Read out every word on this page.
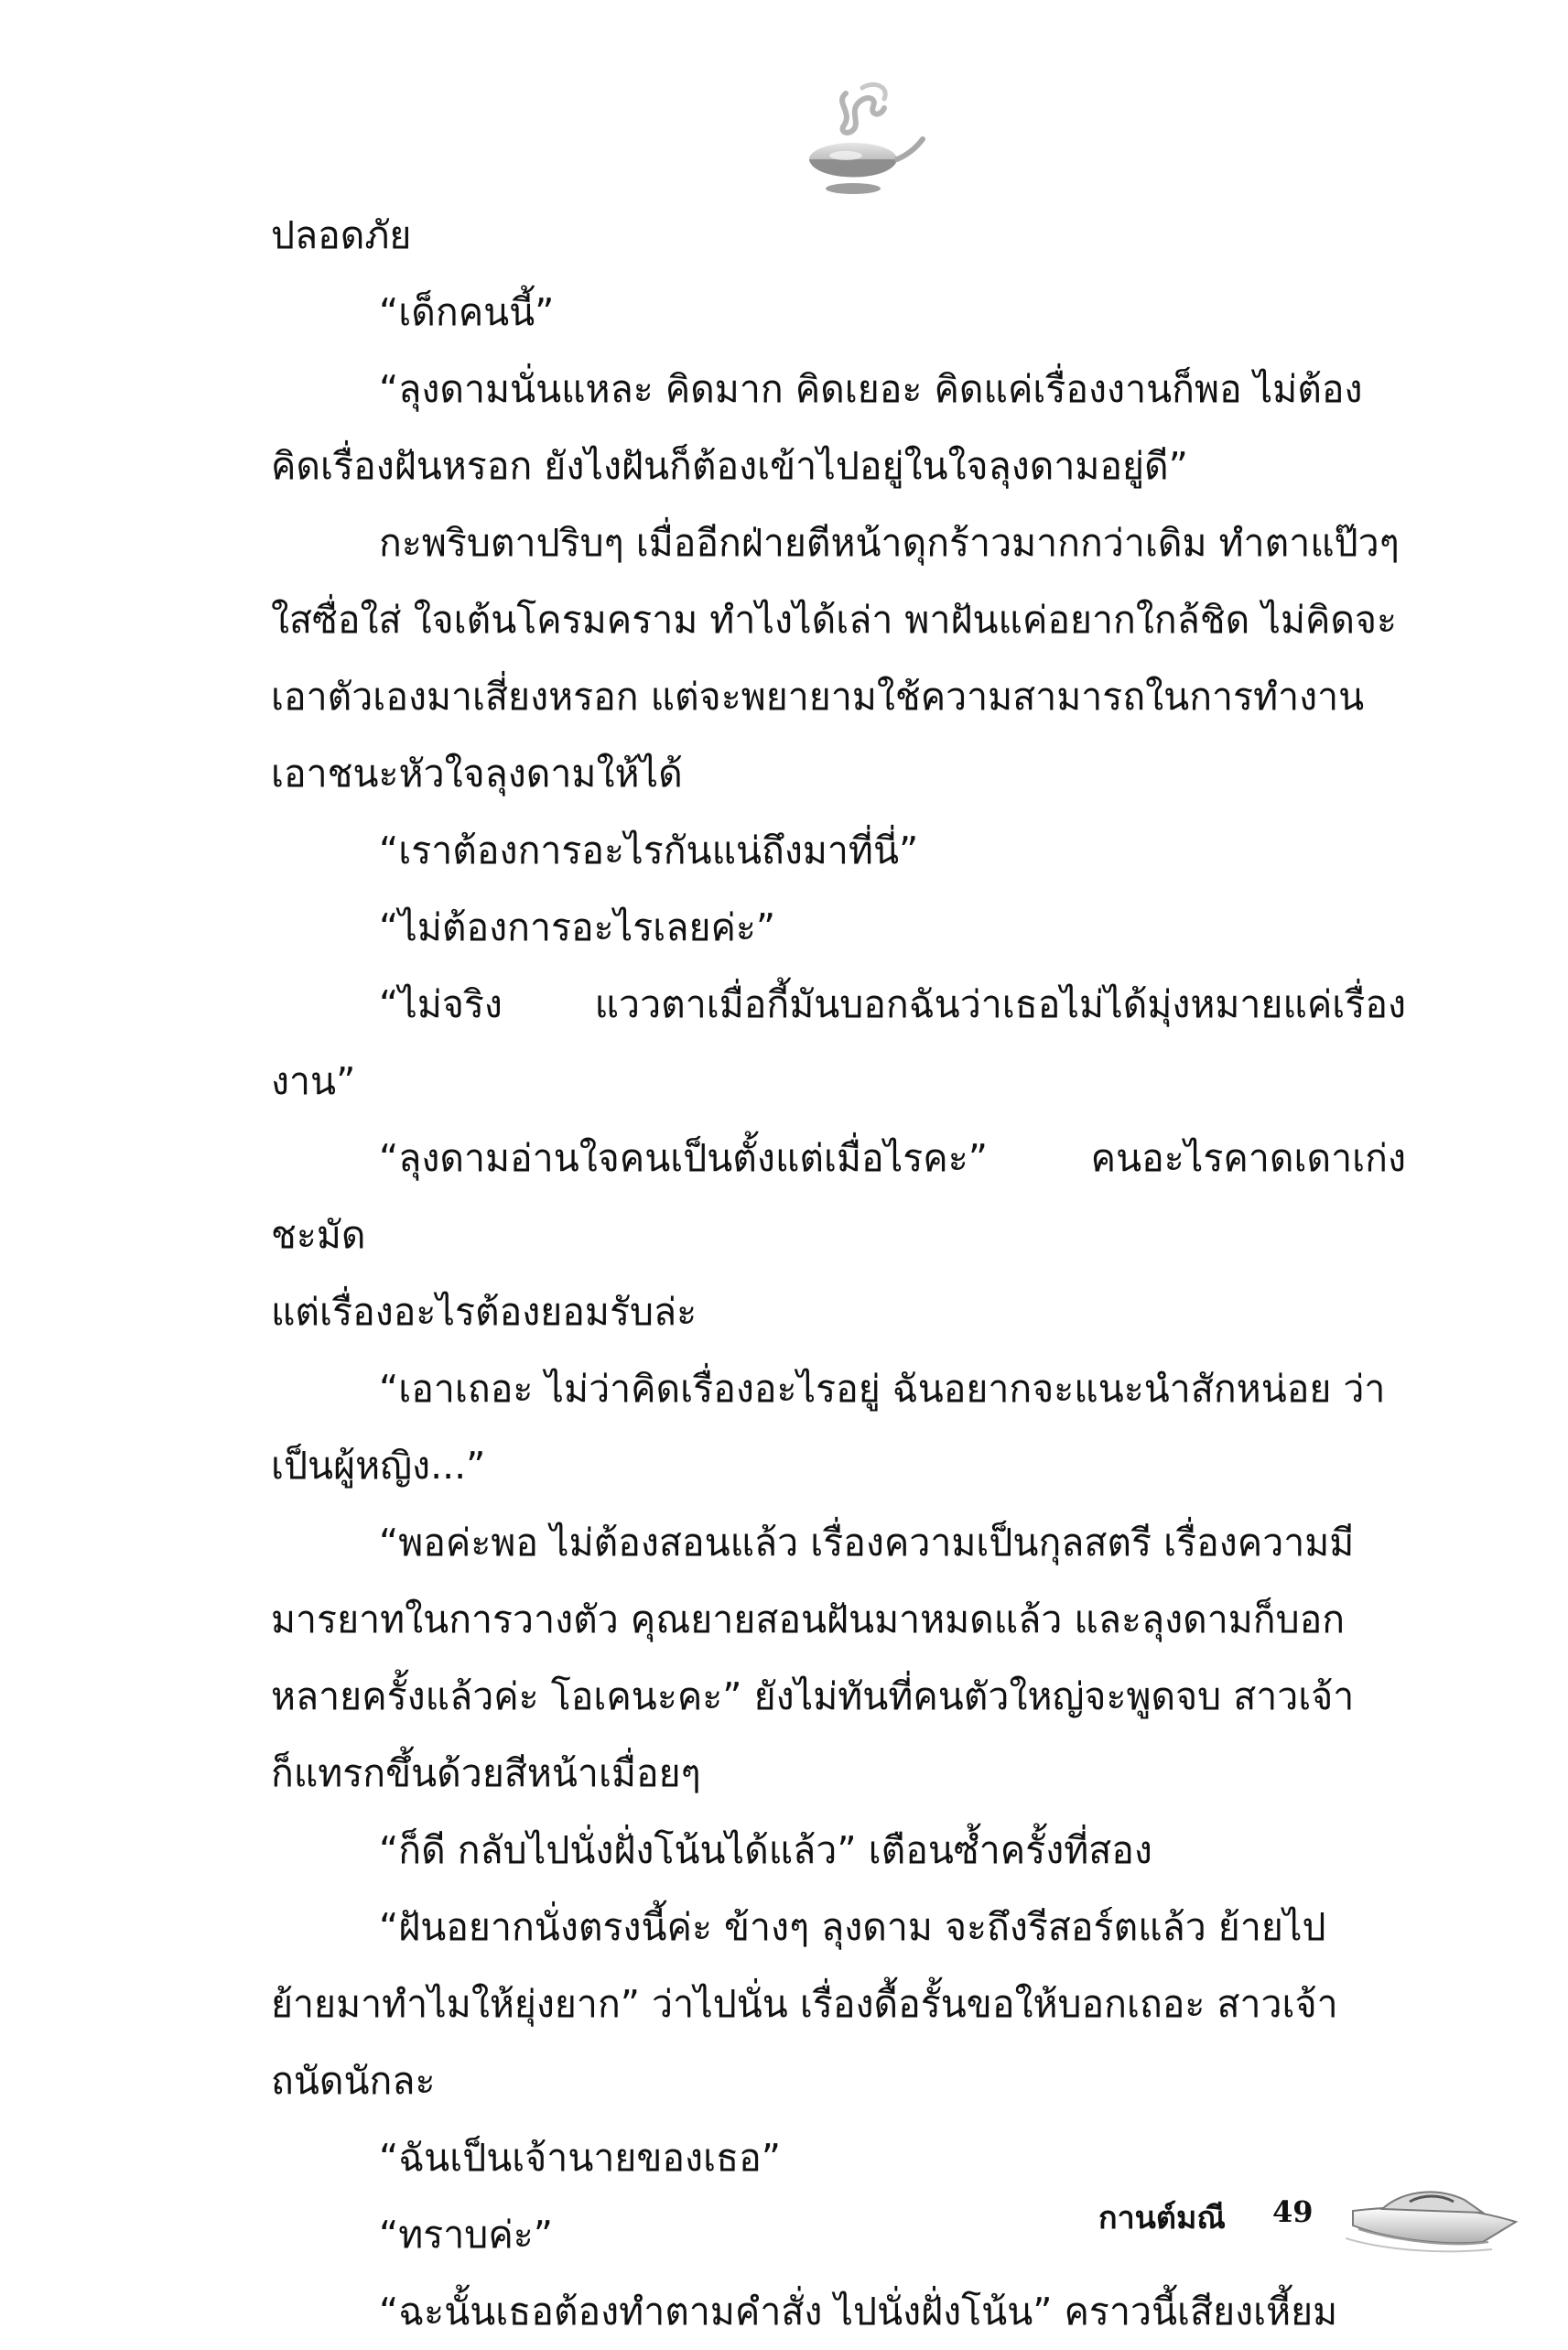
ปลอดภัย

“เด็กคนนี้”

“ลุงดามนั่นแหละ คิดมาก คิดเยอะ คิดแค่เรื่องงานก็พอ ไม่ต้อง

คิดเรื่องฝันหรอก ยังไงฝันก็ต้องเข้าไปอยู่ในใจลุงดามอยู่ดี”

กะพริบตาปริบๆ เมื่ออีกฝ่ายตีหน้าดุกร้าวมากกว่าเดิม ทำตาแป๊วๆ

ใสซื่อใส่ ใจเต้นโครมคราม ทำไงได้เล่า พาฝันแค่อยากใกล้ชิด ไม่คิดจะ

เอาตัวเองมาเสี่ยงหรอก แต่จะพยายามใช้ความสามารถในการทำงาน

เอาชนะหัวใจลุงดามให้ได้

“เราต้องการอะไรกันแน่ถึงมาที่นี่”

“ไม่ต้องการอะไรเลยค่ะ”

“ไม่จริง แววตาเมื่อกี้มันบอกฉันว่าเธอไม่ได้มุ่งหมายแค่เรื่องงาน”

“ลุงดามอ่านใจคนเป็นตั้งแต่เมื่อไรคะ” คนอะไรคาดเดาเก่งชะมัด

แต่เรื่องอะไรต้องยอมรับล่ะ

“เอาเถอะ ไม่ว่าคิดเรื่องอะไรอยู่ ฉันอยากจะแนะนำสักหน่อย ว่า

เป็นผู้หญิง...”

“พอค่ะพอ ไม่ต้องสอนแล้ว เรื่องความเป็นกุลสตรี เรื่องความมี

มารยาทในการวางตัว คุณยายสอนฝันมาหมดแล้ว และลุงดามก็บอก

หลายครั้งแล้วค่ะ โอเคนะคะ” ยังไม่ทันที่คนตัวใหญ่จะพูดจบ สาวเจ้า

ก็แทรกขึ้นด้วยสีหน้าเมื่อยๆ

“ก็ดี กลับไปนั่งฝั่งโน้นได้แล้ว” เตือนซ้ำครั้งที่สอง

“ฝันอยากนั่งตรงนี้ค่ะ ข้างๆ ลุงดาม จะถึงรีสอร์ตแล้ว ย้ายไป

ย้ายมาทำไมให้ยุ่งยาก” ว่าไปนั่น เรื่องดื้อรั้นขอให้บอกเถอะ สาวเจ้า

ถนัดนักละ

“ฉันเป็นเจ้านายของเธอ”

“ทราบค่ะ”

“ฉะนั้นเธอต้องทำตามคำสั่ง ไปนั่งฝั่งโน้น” คราวนี้เสียงเหี้ยม

กานต์มณี 49
